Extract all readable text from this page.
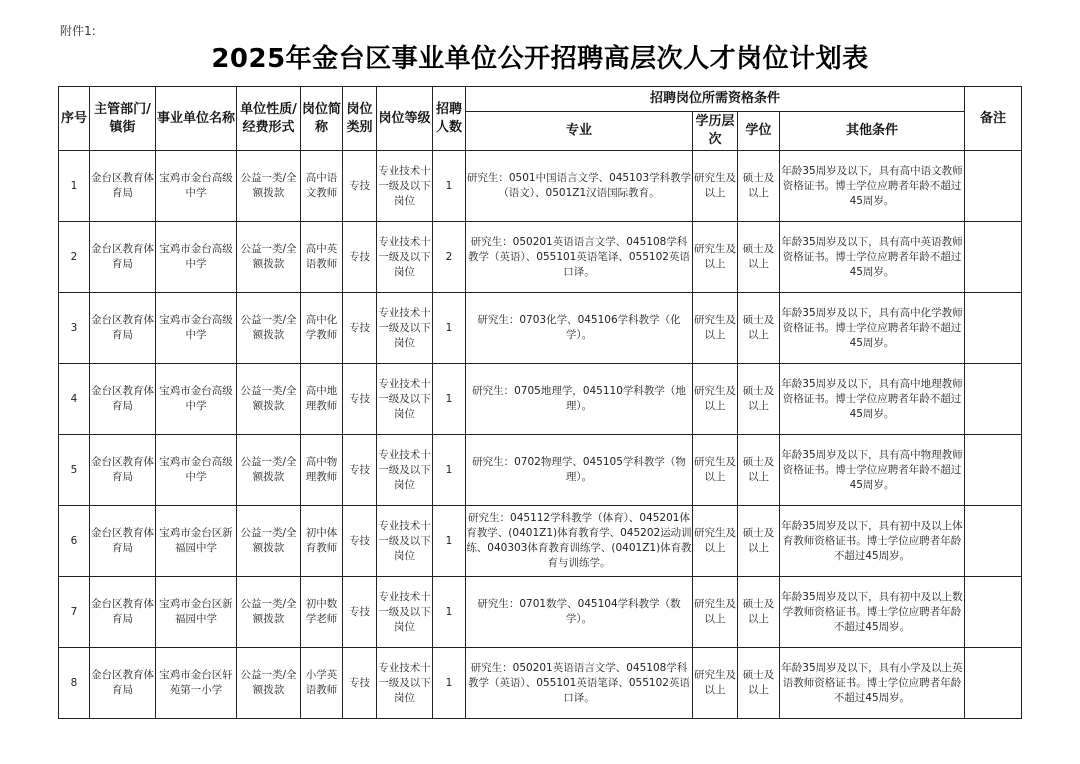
附件1:
2025年金台区事业单位公开招聘高层次人才岗位计划表
序号	主管部门/镇街	事业单位名称	单位性质/经费形式	岗位简称	岗位类别	岗位等级	招聘人数	招聘岗位所需资格条件				备注
								专业	学历层次	学位	其他条件	
1	金台区教育体育局	宝鸡市金台高级中学	公益一类/全额拨款	高中语文教师	专技	专业技术十一级及以下岗位	1	研究生：0501中国语言文学、045103学科教学（语文）、0501Z1汉语国际教育。	研究生及以上	硕士及以上	年龄35周岁及以下，具有高中语文教师资格证书。博士学位应聘者年龄不超过45周岁。	
2	金台区教育体育局	宝鸡市金台高级中学	公益一类/全额拨款	高中英语教师	专技	专业技术十一级及以下岗位	2	研究生：050201英语语言文学、045108学科教学（英语）、055101英语笔译、055102英语口译。	研究生及以上	硕士及以上	年龄35周岁及以下，具有高中英语教师资格证书。博士学位应聘者年龄不超过45周岁。	
3	金台区教育体育局	宝鸡市金台高级中学	公益一类/全额拨款	高中化学教师	专技	专业技术十一级及以下岗位	1	研究生：0703化学、045106学科教学（化学）。	研究生及以上	硕士及以上	年龄35周岁及以下，具有高中化学教师资格证书。博士学位应聘者年龄不超过45周岁。	
4	金台区教育体育局	宝鸡市金台高级中学	公益一类/全额拨款	高中地理教师	专技	专业技术十一级及以下岗位	1	研究生：0705地理学，045110学科教学（地理）。	研究生及以上	硕士及以上	年龄35周岁及以下，具有高中地理教师资格证书。博士学位应聘者年龄不超过45周岁。	
5	金台区教育体育局	宝鸡市金台高级中学	公益一类/全额拨款	高中物理教师	专技	专业技术十一级及以下岗位	1	研究生：0702物理学、045105学科教学（物理）。	研究生及以上	硕士及以上	年龄35周岁及以下，具有高中物理教师资格证书。博士学位应聘者年龄不超过45周岁。	
6	金台区教育体育局	宝鸡市金台区新福园中学	公益一类/全额拨款	初中体育教师	专技	专业技术十一级及以下岗位	1	研究生：045112学科教学（体育）、045201体育教学、(0401Z1)体育教育学、045202运动训练、040303体育教育训练学、(0401Z1)体育教育与训练学。	研究生及以上	硕士及以上	年龄35周岁及以下，具有初中及以上体育教师资格证书。博士学位应聘者年龄不超过45周岁。	
7	金台区教育体育局	宝鸡市金台区新福园中学	公益一类/全额拨款	初中数学老师	专技	专业技术十一级及以下岗位	1	研究生：0701数学、045104学科教学（数学）。	研究生及以上	硕士及以上	年龄35周岁及以下，具有初中及以上数学教师资格证书。博士学位应聘者年龄不超过45周岁。	
8	金台区教育体育局	宝鸡市金台区轩苑第一小学	公益一类/全额拨款	小学英语教师	专技	专业技术十一级及以下岗位	1	研究生：050201英语语言文学、045108学科教学（英语）、055101英语笔译、055102英语口译。	研究生及以上	硕士及以上	年龄35周岁及以下，具有小学及以上英语教师资格证书。博士学位应聘者年龄不超过45周岁。	
